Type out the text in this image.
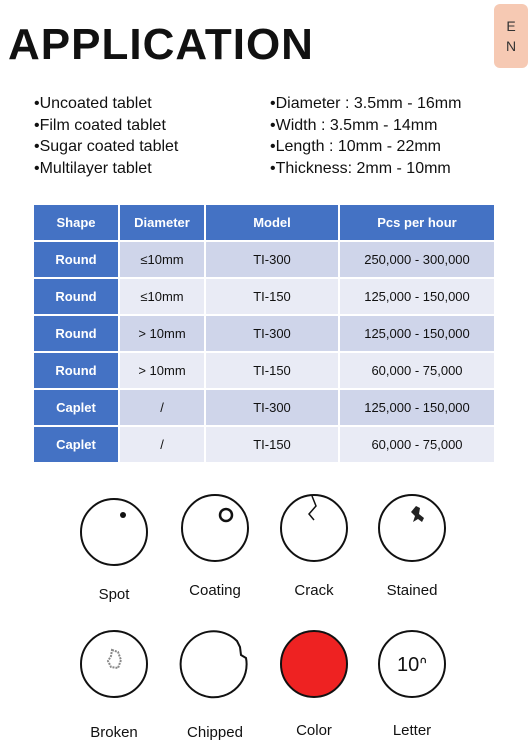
APPLICATION	E
N
•Uncoated tablet
•Film coated tablet
•Sugar coated tablet
•Multilayer tablet
•Diameter : 3.5mm - 16mm
•Width : 3.5mm - 14mm
•Length : 10mm - 22mm
•Thickness: 2mm - 10mm
Shape	Diameter	Model	Pcs per hour
Round	≤10mm	TI-300	250,000 - 300,000
Round	≤10mm	TI-150	125,000 - 150,000
Round	> 10mm	TI-300	125,000 - 150,000
Round	> 10mm	TI-150	60,000 - 75,000
Caplet	/	TI-300	125,000 - 150,000
Caplet	/	TI-150	60,000 - 75,000
Spot	Coating	Crack	Stained
Broken	Chipped	Color
10ᐢ
Letter
